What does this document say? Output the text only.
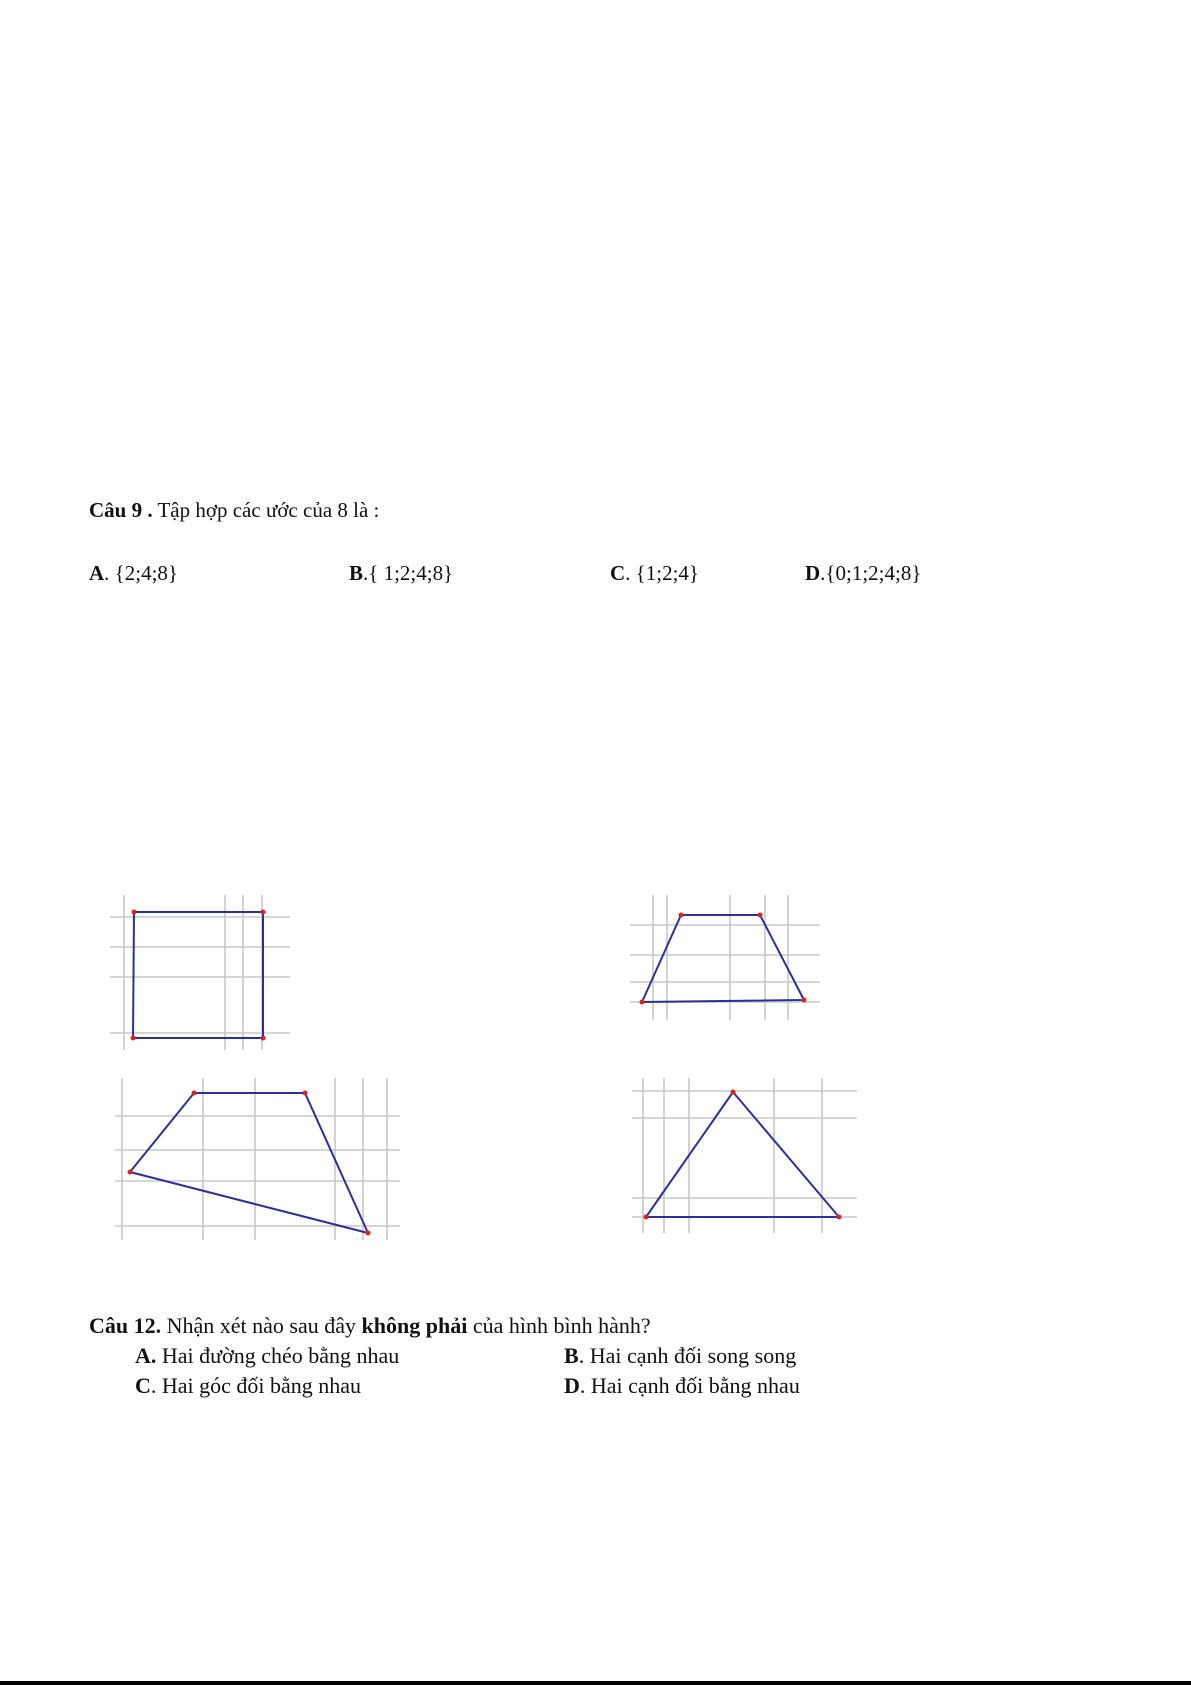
Câu 9 . Tập hợp các ước của 8 là :
A. {2;4;8}	B.{ 1;2;4;8}	C. {1;2;4}	D.{0;1;2;4;8}
Câu 12. Nhận xét nào sau đây không phải của hình bình hành?
A. Hai đường chéo bằng nhau	B. Hai cạnh đối song song
C. Hai góc đối bằng nhau	D. Hai cạnh đối bằng nhau
